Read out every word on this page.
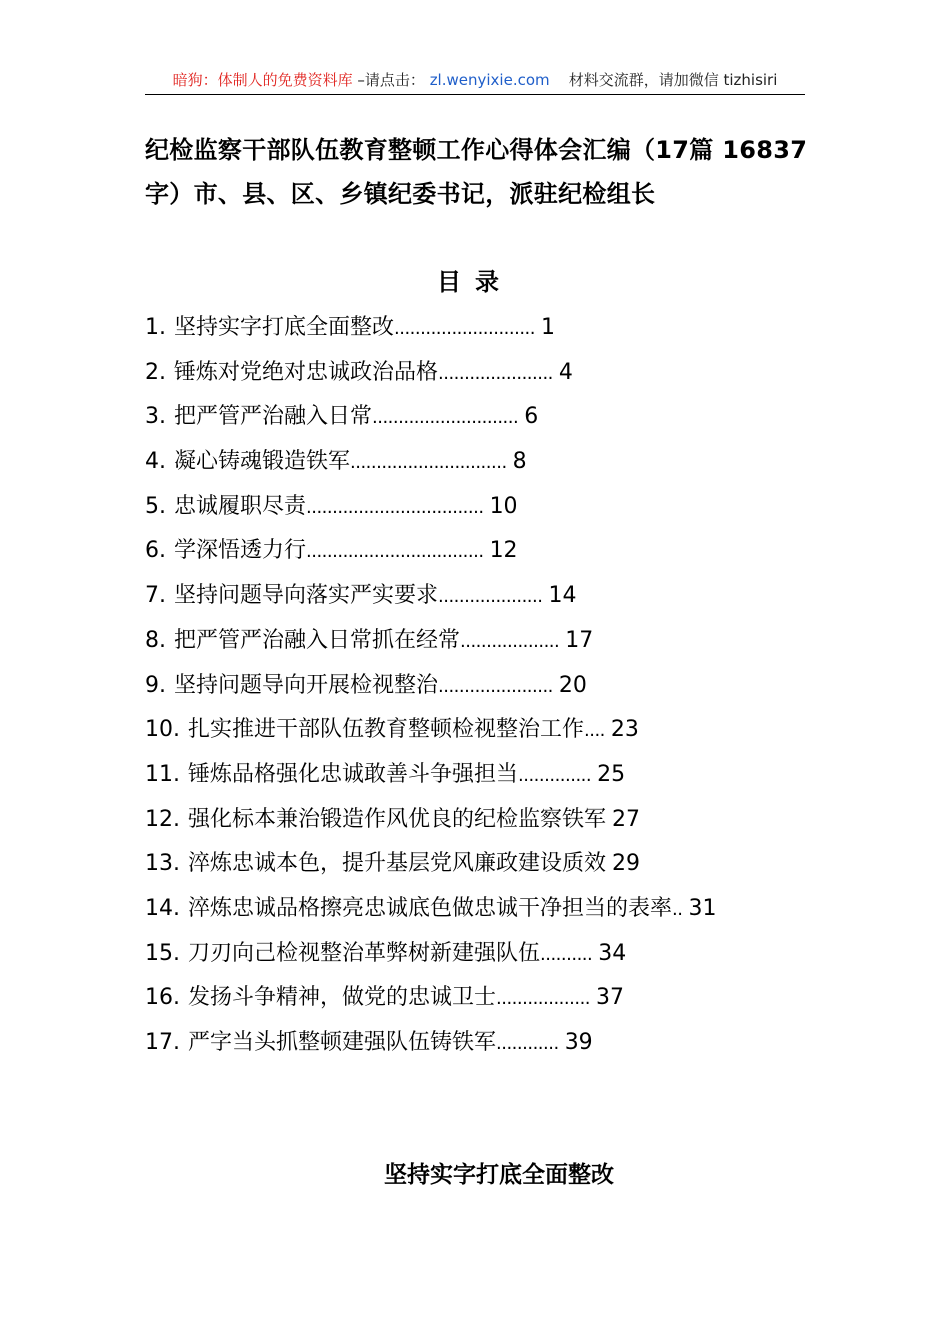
暗狗：体制人的免费资料库 –请点击： zl.wenyixie.com 材料交流群，请加微信 tizhisiri
纪检监察干部队伍教育整顿工作心得体会汇编（17篇 16837字）市、县、区、乡镇纪委书记，派驻纪检组长
目录
1. 坚持实字打底全面整改........................... 1
2. 锤炼对党绝对忠诚政治品格...................... 4
3. 把严管严治融入日常............................ 6
4. 凝心铸魂锻造铁军.............................. 8
5. 忠诚履职尽责.................................. 10
6. 学深悟透力行.................................. 12
7. 坚持问题导向落实严实要求.................... 14
8. 把严管严治融入日常抓在经常................... 17
9. 坚持问题导向开展检视整治...................... 20
10. 扎实推进干部队伍教育整顿检视整治工作.... 23
11. 锤炼品格强化忠诚敢善斗争强担当.............. 25
12. 强化标本兼治锻造作风优良的纪检监察铁军 27
13. 淬炼忠诚本色，提升基层党风廉政建设质效 29
14. 淬炼忠诚品格擦亮忠诚底色做忠诚干净担当的表率.. 31
15. 刀刃向己检视整治革弊树新建强队伍.......... 34
16. 发扬斗争精神，做党的忠诚卫士.................. 37
17. 严字当头抓整顿建强队伍铸铁军............ 39
坚持实字打底全面整改
